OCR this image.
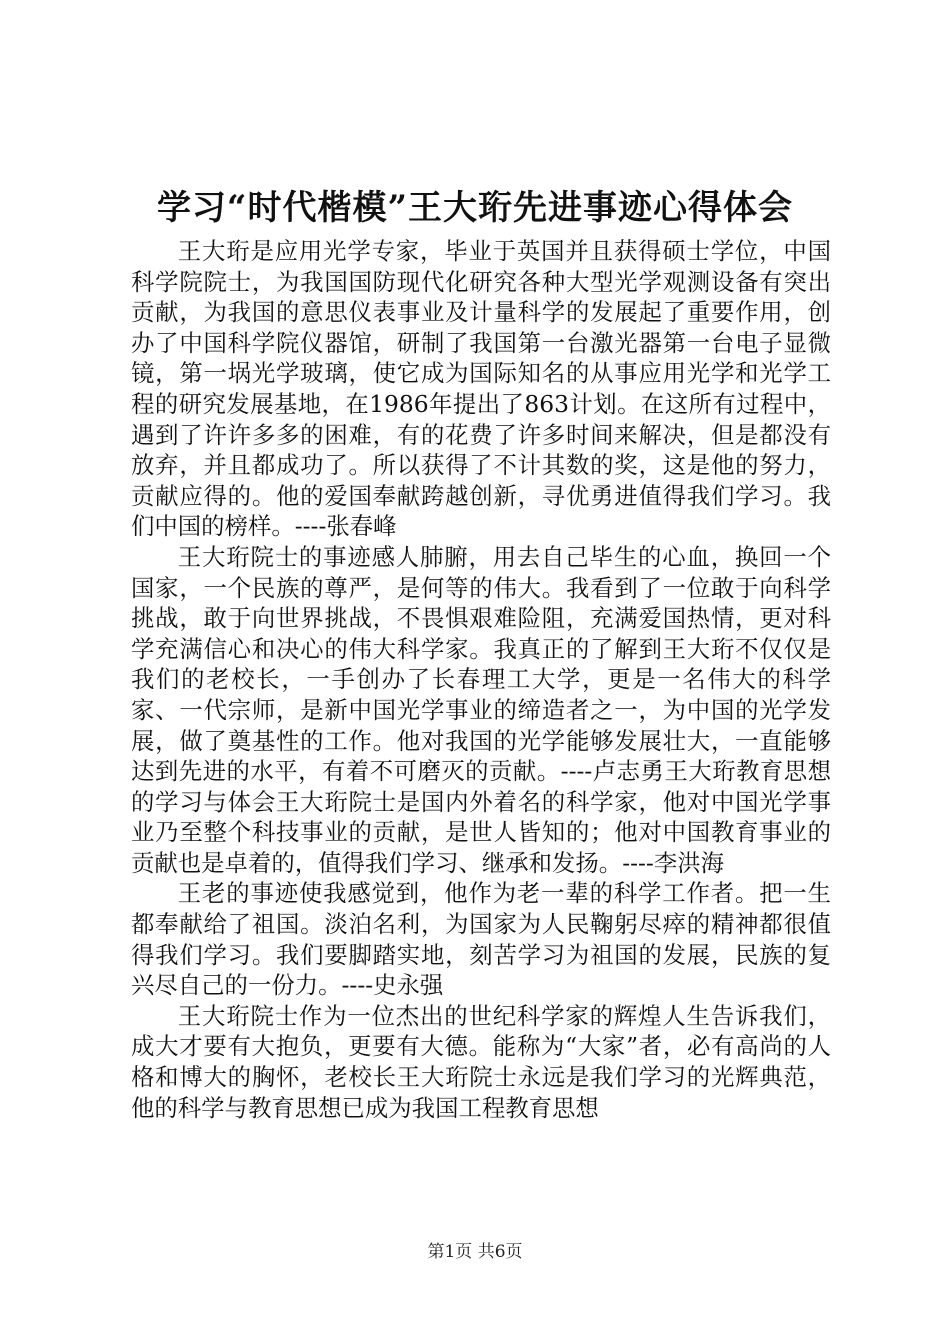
学习“时代楷模”王大珩先进事迹心得体会

王大珩是应用光学专家，毕业于英国并且获得硕士学位，中国科学院院士，为我国国防现代化研究各种大型光学观测设备有突出贡献，为我国的意思仪表事业及计量科学的发展起了重要作用，创办了中国科学院仪器馆，研制了我国第一台激光器第一台电子显微镜，第一埚光学玻璃，使它成为国际知名的从事应用光学和光学工程的研究发展基地，在1986年提出了863计划。在这所有过程中，遇到了许许多多的困难，有的花费了许多时间来解决，但是都没有放弃，并且都成功了。所以获得了不计其数的奖，这是他的努力，贡献应得的。他的爱国奉献跨越创新，寻优勇进值得我们学习。我们中国的榜样。----张春峰

王大珩院士的事迹感人肺腑，用去自己毕生的心血，换回一个国家，一个民族的尊严，是何等的伟大。我看到了一位敢于向科学挑战，敢于向世界挑战，不畏惧艰难险阻，充满爱国热情，更对科学充满信心和决心的伟大科学家。我真正的了解到王大珩不仅仅是我们的老校长，一手创办了长春理工大学，更是一名伟大的科学家、一代宗师，是新中国光学事业的缔造者之一，为中国的光学发展，做了奠基性的工作。他对我国的光学能够发展壮大，一直能够达到先进的水平，有着不可磨灭的贡献。----卢志勇王大珩教育思想的学习与体会王大珩院士是国内外着名的科学家，他对中国光学事业乃至整个科技事业的贡献，是世人皆知的；他对中国教育事业的贡献也是卓着的，值得我们学习、继承和发扬。----李洪海

王老的事迹使我感觉到，他作为老一辈的科学工作者。把一生都奉献给了祖国。淡泊名利，为国家为人民鞠躬尽瘁的精神都很值得我们学习。我们要脚踏实地，刻苦学习为祖国的发展，民族的复兴尽自己的一份力。----史永强

王大珩院士作为一位杰出的世纪科学家的辉煌人生告诉我们，成大才要有大抱负，更要有大德。能称为“大家”者，必有高尚的人格和博大的胸怀，老校长王大珩院士永远是我们学习的光辉典范，他的科学与教育思想已成为我国工程教育思想

第1页 共6页
